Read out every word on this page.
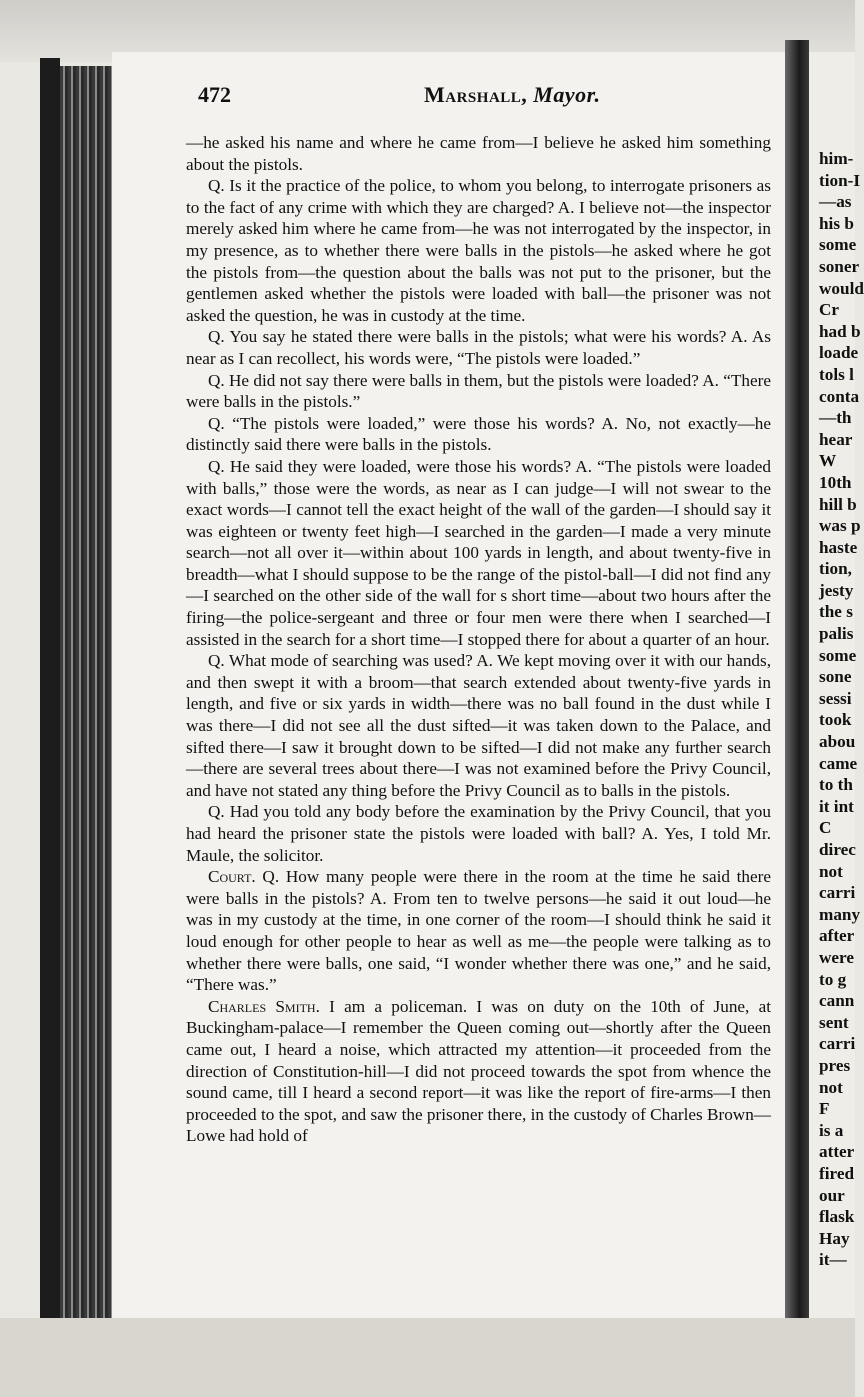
472	Marshall, Mayor.

—he asked his name and where he came from—I believe he asked him something about the pistols.

Q. Is it the practice of the police, to whom you belong, to interrogate prisoners as to the fact of any crime with which they are charged? A. I believe not—the inspector merely asked him where he came from—he was not interrogated by the inspector, in my presence, as to whether there were balls in the pistols—he asked where he got the pistols from—the question about the balls was not put to the prisoner, but the gentlemen asked whether the pistols were loaded with ball—the prisoner was not asked the question, he was in custody at the time.

Q. You say he stated there were balls in the pistols; what were his words? A. As near as I can recollect, his words were, “The pistols were loaded.”

Q. He did not say there were balls in them, but the pistols were loaded? A. “There were balls in the pistols.”

Q. “The pistols were loaded,” were those his words? A. No, not exactly—he distinctly said there were balls in the pistols.

Q. He said they were loaded, were those his words? A. “The pistols were loaded with balls,” those were the words, as near as I can judge—I will not swear to the exact words—I cannot tell the exact height of the wall of the garden—I should say it was eighteen or twenty feet high—I searched in the garden—I made a very minute search—not all over it—within about 100 yards in length, and about twenty-five in breadth—what I should suppose to be the range of the pistol-ball—I did not find any—I searched on the other side of the wall for s short time—about two hours after the firing—the police-sergeant and three or four men were there when I searched—I assisted in the search for a short time—I stopped there for about a quarter of an hour.

Q. What mode of searching was used? A. We kept moving over it with our hands, and then swept it with a broom—that search extended about twenty-five yards in length, and five or six yards in width—there was no ball found in the dust while I was there—I did not see all the dust sifted—it was taken down to the Palace, and sifted there—I saw it brought down to be sifted—I did not make any further search—there are several trees about there—I was not examined before the Privy Council, and have not stated any thing before the Privy Council as to balls in the pistols.

Q. Had you told any body before the examination by the Privy Council, that you had heard the prisoner state the pistols were loaded with ball? A. Yes, I told Mr. Maule, the solicitor.

Court. Q. How many people were there in the room at the time he said there were balls in the pistols? A. From ten to twelve persons—he said it out loud—he was in my custody at the time, in one corner of the room—I should think he said it loud enough for other people to hear as well as me—the people were talking as to whether there were balls, one said, “I wonder whether there was one,” and he said, “There was.”

Charles Smith. I am a policeman. I was on duty on the 10th of June, at Buckingham-palace—I remember the Queen coming out—shortly after the Queen came out, I heard a noise, which attracted my attention—it proceeded from the direction of Constitution-hill—I did not proceed towards the spot from whence the sound came, till I heard a second report—it was like the report of fire-arms—I then proceeded to the spot, and saw the prisoner there, in the custody of Charles Brown—Lowe had hold of

him-
tion-I
—as
his b
some
soner
would
Cr
had b
loade
tols l
conta
—th
hear
W
10th
hill b
was p
haste
tion,
jesty
the s
palis
some
sone
sessi
took
abou
came
to th
it int
C
direc
not
carri
many
after
were
to g
cann
sent
carri
pres
not
F
is a
atter
fired
our
flask
Hay
it—
